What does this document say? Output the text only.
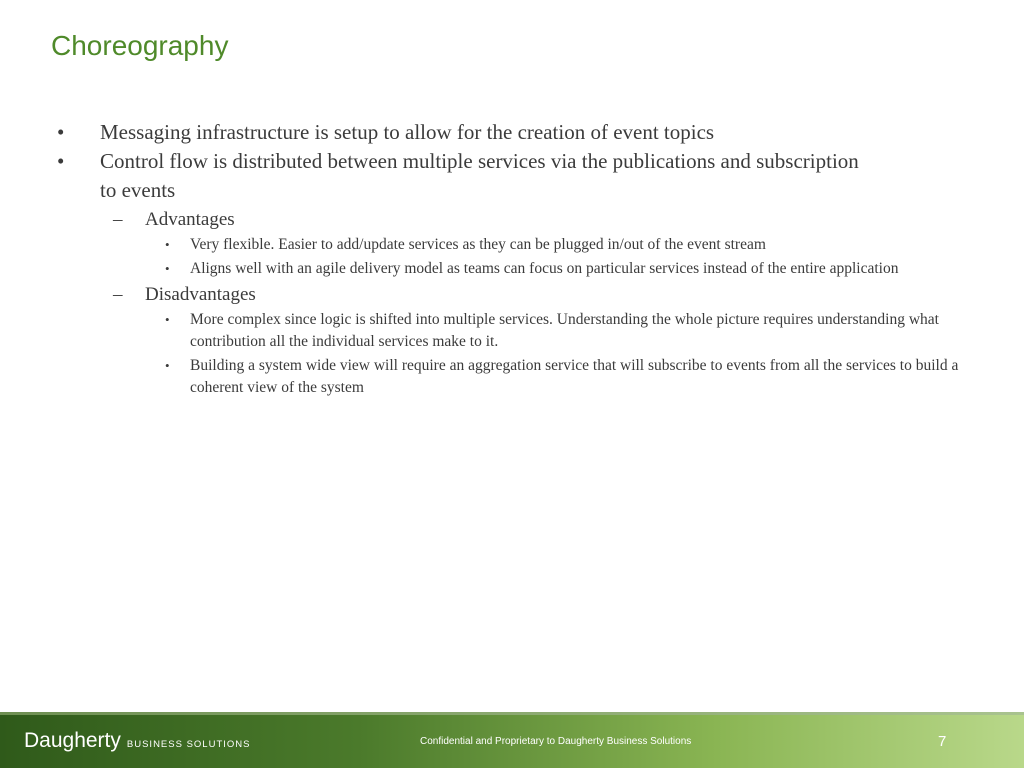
Choreography
• Messaging infrastructure is setup to allow for the creation of event topics
• Control flow is distributed between multiple services via the publications and subscription to events
– Advantages
• Very flexible. Easier to add/update services as they can be plugged in/out of the event stream
• Aligns well with an agile delivery model as teams can focus on particular services instead of the entire application
– Disadvantages
• More complex since logic is shifted into multiple services. Understanding the whole picture requires understanding what contribution all the individual services make to it.
• Building a system wide view will require an aggregation service that will subscribe to events from all the services to build a coherent view of the system
Daugherty BUSINESS SOLUTIONS	Confidential and Proprietary to Daugherty Business Solutions	7
